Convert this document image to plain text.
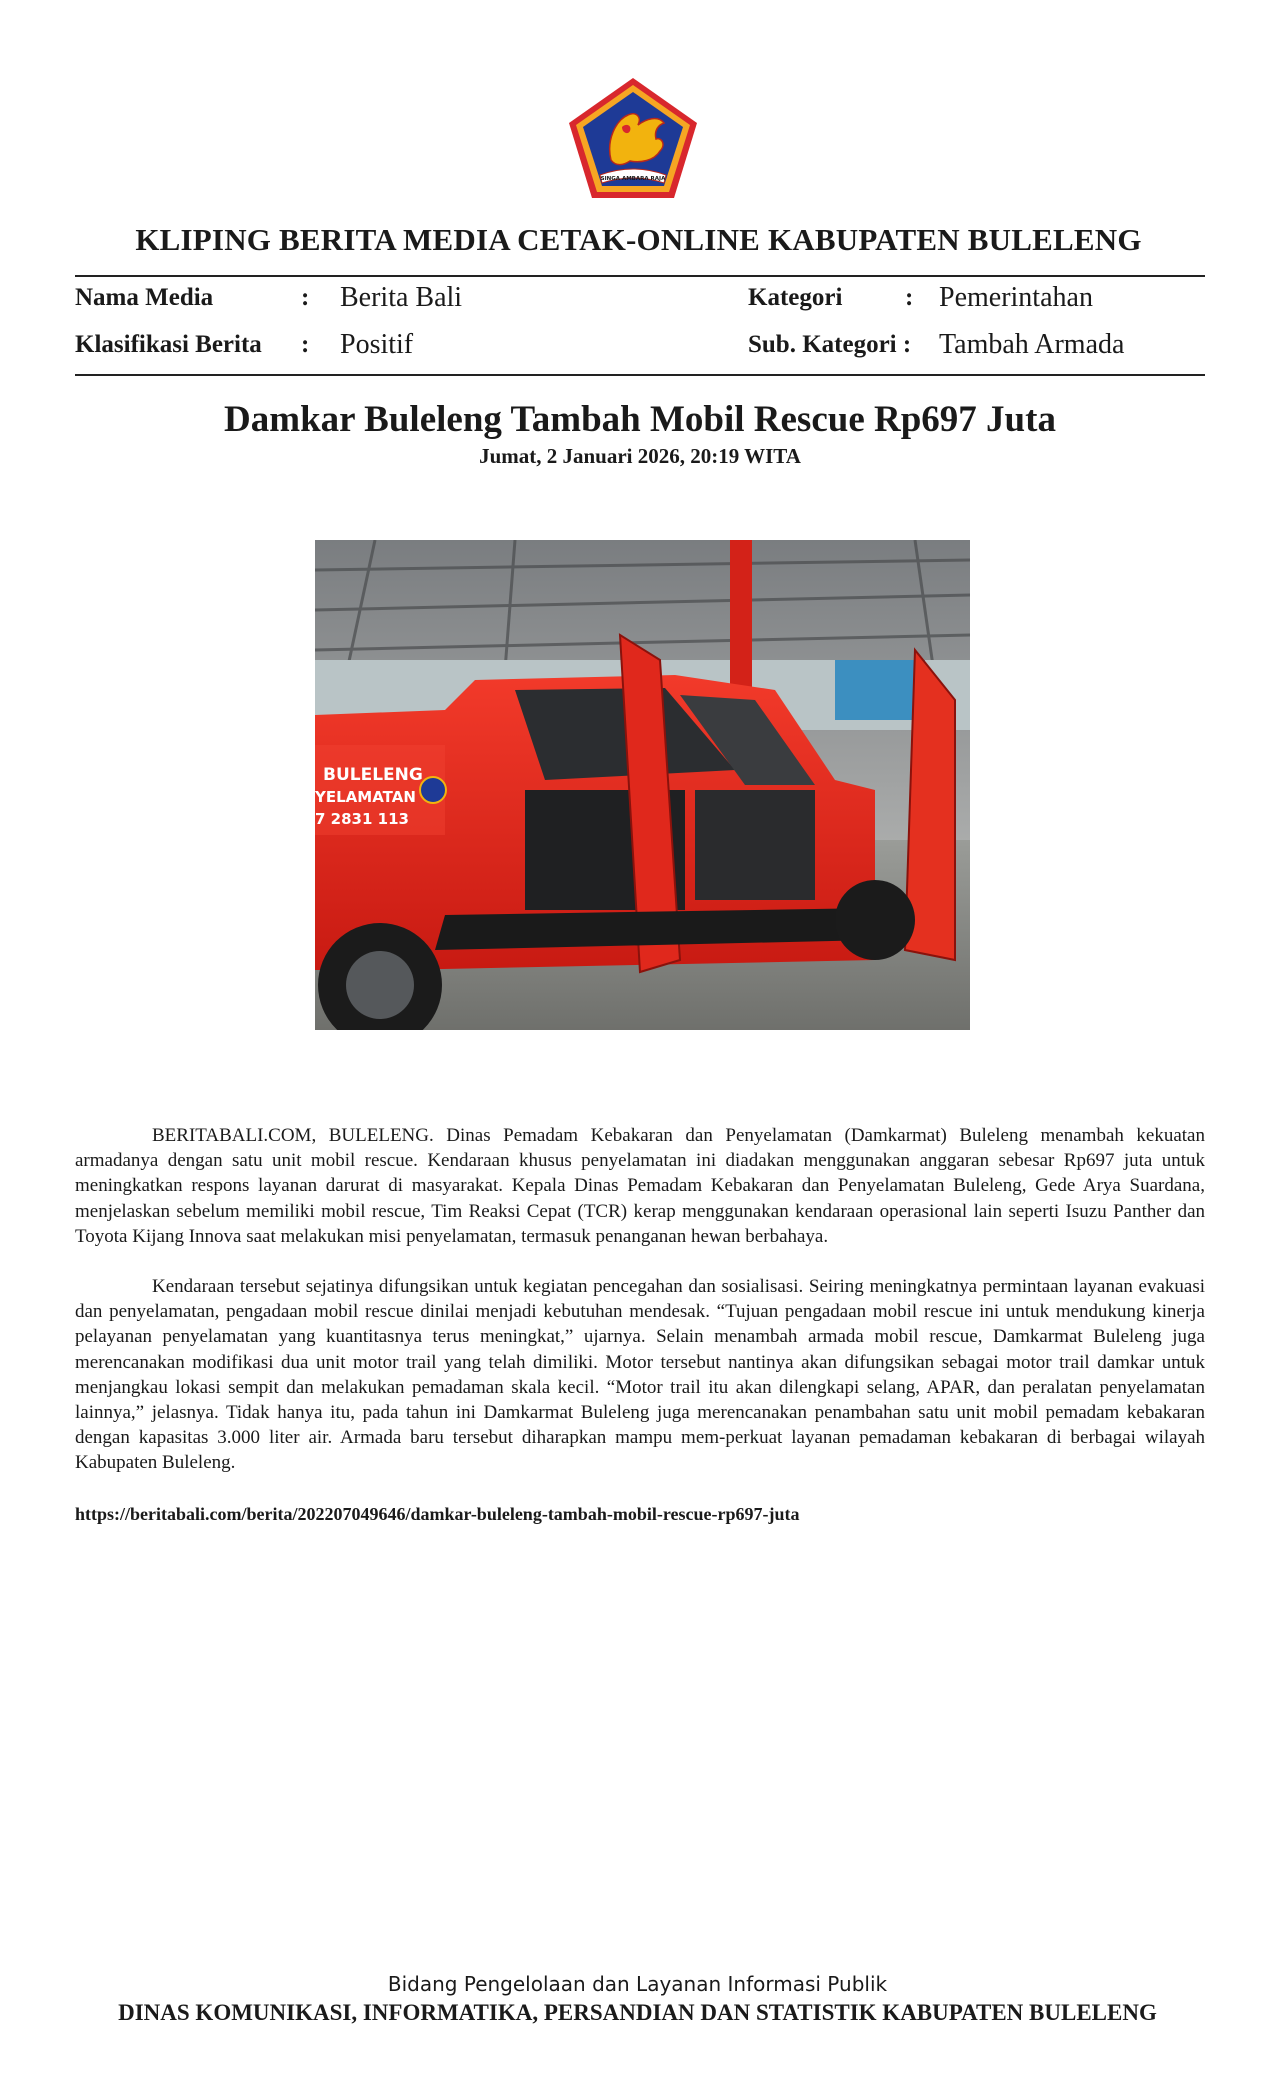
SINGA AMBARA RAJA
KLIPING BERITA MEDIA CETAK-ONLINE KABUPATEN BULELENG
Nama Media	: Berita Bali	Kategori	: Pemerintahan
Klasifikasi Berita : Positif	Sub. Kategori : Tambah Armada
Damkar Buleleng Tambah Mobil Rescue Rp697 Juta
Jumat, 2 Januari 2026, 20:19 WITA
BULELENG
YELAMATAN
7 2831 113

BERITABALI.COM, BULELENG. Dinas Pemadam Kebakaran dan Penyelamatan (Damkarmat) Buleleng menambah kekuatan armadanya dengan satu unit mobil rescue. Kendaraan khusus penyelamatan ini diadakan menggunakan anggaran sebesar Rp697 juta untuk meningkatkan respons layanan darurat di masyarakat. Kepala Dinas Pemadam Kebakaran dan Penyelamatan Buleleng, Gede Arya Suardana, menjelaskan sebelum memiliki mobil rescue, Tim Reaksi Cepat (TCR) kerap menggunakan kendaraan operasional lain seperti Isuzu Panther dan Toyota Kijang Innova saat melakukan misi penyelamatan, termasuk penanganan hewan berbahaya.

Kendaraan tersebut sejatinya difungsikan untuk kegiatan pencegahan dan sosialisasi. Seiring meningkatnya permintaan layanan evakuasi dan penyelamatan, pengadaan mobil rescue dinilai menjadi kebutuhan mendesak. “Tujuan pengadaan mobil rescue ini untuk mendukung kinerja pelayanan penyelamatan yang kuantitasnya terus meningkat,” ujarnya. Selain menambah armada mobil rescue, Damkarmat Buleleng juga merencanakan modifikasi dua unit motor trail yang telah dimiliki. Motor tersebut nantinya akan difungsikan sebagai motor trail damkar untuk menjangkau lokasi sempit dan melakukan pemadaman skala kecil. “Motor trail itu akan dilengkapi selang, APAR, dan peralatan penyelamatan lainnya,” jelasnya. Tidak hanya itu, pada tahun ini Damkarmat Buleleng juga merencanakan penambahan satu unit mobil pemadam kebakaran dengan kapasitas 3.000 liter air. Armada baru tersebut diharapkan mampu mem-perkuat layanan pemadaman kebakaran di berbagai wilayah Kabupaten Buleleng.

https://beritabali.com/berita/202207049646/damkar-buleleng-tambah-mobil-rescue-rp697-juta
Bidang Pengelolaan dan Layanan Informasi Publik
DINAS KOMUNIKASI, INFORMATIKA, PERSANDIAN DAN STATISTIK KABUPATEN BULELENG
